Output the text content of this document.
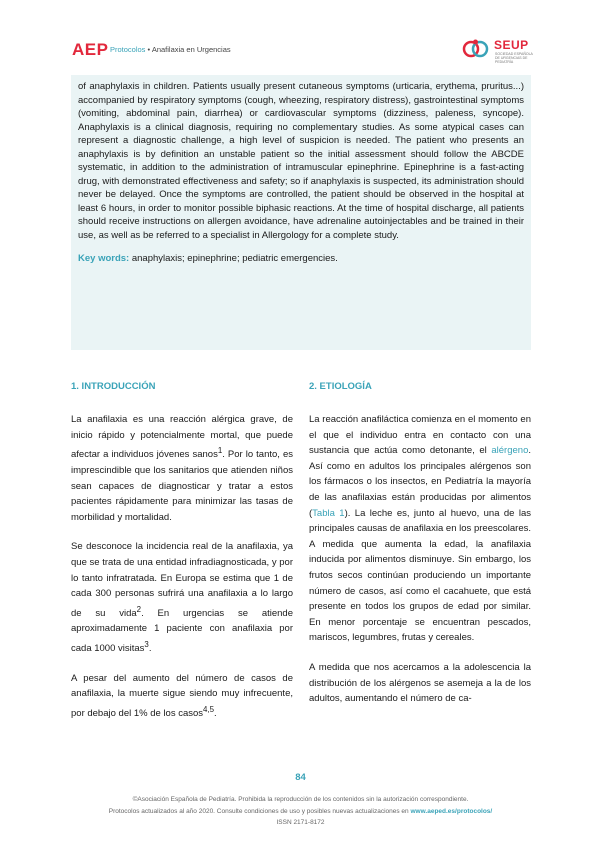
AEP Protocolos • Anafilaxia en Urgencias	SEUP
SOCIEDAD ESPAÑOLA DE URGENCIAS DE PEDIATRÍA

of anaphylaxis in children. Patients usually present cutaneous symptoms (urticaria, erythema, pruritus...) accompanied by respiratory symptoms (cough, wheezing, respiratory distress), gastrointestinal symptoms (vomiting, abdominal pain, diarrhea) or cardiovascular symptoms (dizziness, paleness, syncope). Anaphylaxis is a clinical diagnosis, requiring no complementary studies. As some atypical cases can represent a diagnostic challenge, a high level of suspicion is needed. The patient who presents an anaphylaxis is by definition an unstable patient so the initial assessment should follow the ABCDE systematic, in addition to the administration of intramuscular epinephrine. Epinephrine is a fast-acting drug, with demonstrated effectiveness and safety; so if anaphylaxis is suspected, its administration should never be delayed. Once the symptoms are controlled, the patient should be observed in the hospital at least 6 hours, in order to monitor possible biphasic reactions. At the time of hospital discharge, all patients should receive instructions on allergen avoidance, have adrenaline autoinjectables and be trained in their use, as well as be referred to a specialist in Allergology for a complete study.

Key words: anaphylaxis; epinephrine; pediatric emergencies.
1. INTRODUCCIÓN

La anafilaxia es una reacción alérgica grave, de inicio rápido y potencialmente mortal, que puede afectar a individuos jóvenes sanos$^1$. Por lo tanto, es imprescindible que los sanitarios que atienden niños sean capaces de diagnosticar y tratar a estos pacientes rápidamente para minimizar las tasas de morbilidad y mortalidad.

Se desconoce la incidencia real de la anafilaxia, ya que se trata de una entidad infradiagnosticada, y por lo tanto infratratada. En Europa se estima que 1 de cada 300 personas sufrirá una anafilaxia a lo largo de su vida$^2$. En urgencias se atiende aproximadamente 1 paciente con anafilaxia por cada 1000 visitas$^3$.

A pesar del aumento del número de casos de anafilaxia, la muerte sigue siendo muy infrecuente, por debajo del 1% de los casos$^{4,5}$.

2. ETIOLOGÍA

La reacción anafiláctica comienza en el momento en el que el individuo entra en contacto con una sustancia que actúa como detonante, el alérgeno. Así como en adultos los principales alérgenos son los fármacos o los insectos, en Pediatría la mayoría de las anafilaxias están producidas por alimentos (Tabla 1). La leche es, junto al huevo, una de las principales causas de anafilaxia en los preescolares. A medida que aumenta la edad, la anafilaxia inducida por alimentos disminuye. Sin embargo, los frutos secos continúan produciendo un importante número de casos, así como el cacahuete, que está presente en todos los grupos de edad por similar. En menor porcentaje se encuentran pescados, mariscos, legumbres, frutas y cereales.

A medida que nos acercamos a la adolescencia la distribución de los alérgenos se asemeja a la de los adultos, aumentando el número de ca-

84
©Asociación Española de Pediatría. Prohibida la reproducción de los contenidos sin la autorización correspondiente.
Protocolos actualizados al año 2020. Consulte condiciones de uso y posibles nuevas actualizaciones en www.aeped.es/protocolos/
ISSN 2171-8172
